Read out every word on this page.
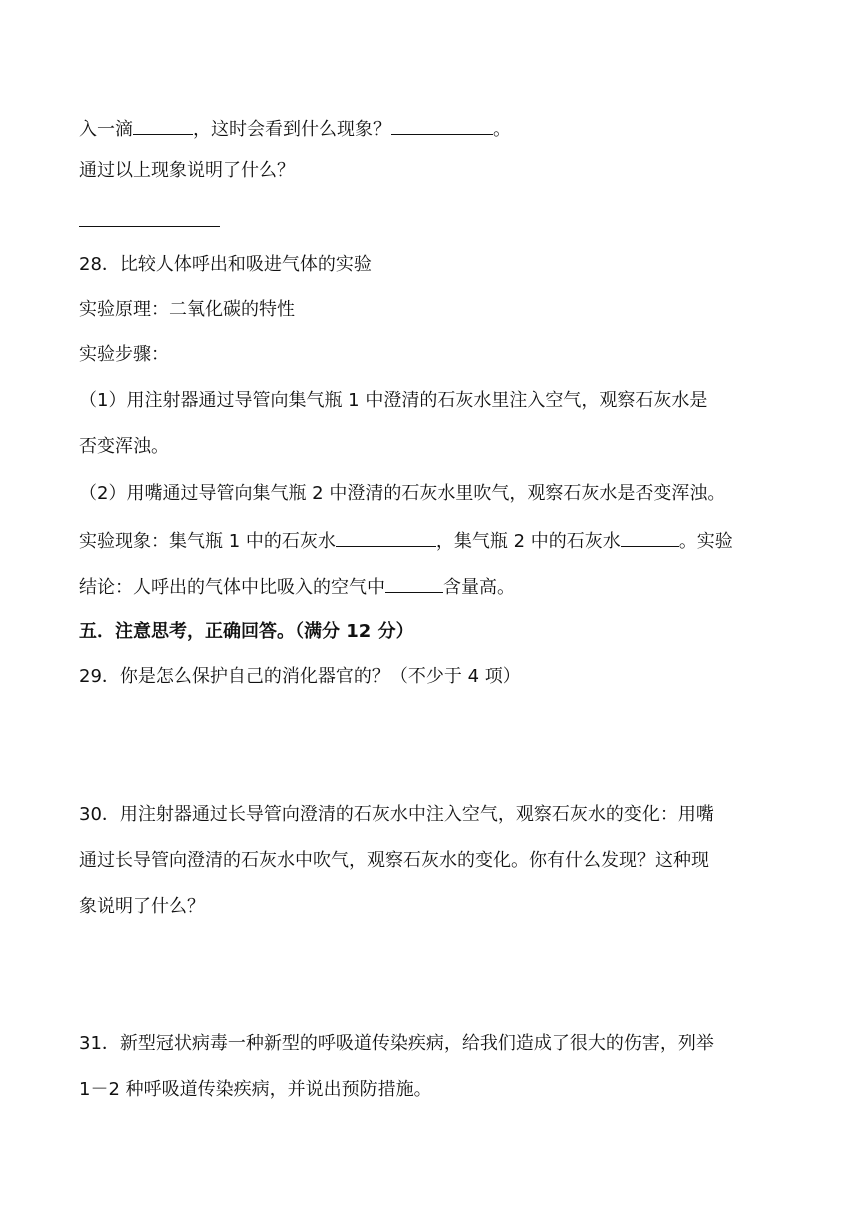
入一滴	，这时会看到什么现象？	。
通过以上现象说明了什么？
28．比较人体呼出和吸进气体的实验
实验原理：二氧化碳的特性
实验步骤：
（1）用注射器通过导管向集气瓶 1 中澄清的石灰水里注入空气，观察石灰水是
否变浑浊。
（2）用嘴通过导管向集气瓶 2 中澄清的石灰水里吹气，观察石灰水是否变浑浊。
实验现象：集气瓶 1 中的石灰水	，集气瓶 2 中的石灰水	。实验
结论：人呼出的气体中比吸入的空气中	含量高。
五．注意思考，正确回答。（满分 12 分）
29．你是怎么保护自己的消化器官的？（不少于 4 项）
30．用注射器通过长导管向澄清的石灰水中注入空气，观察石灰水的变化：用嘴
通过长导管向澄清的石灰水中吹气，观察石灰水的变化。你有什么发现？这种现
象说明了什么？
31．新型冠状病毒一种新型的呼吸道传染疾病，给我们造成了很大的伤害，列举
1－2 种呼吸道传染疾病，并说出预防措施。
